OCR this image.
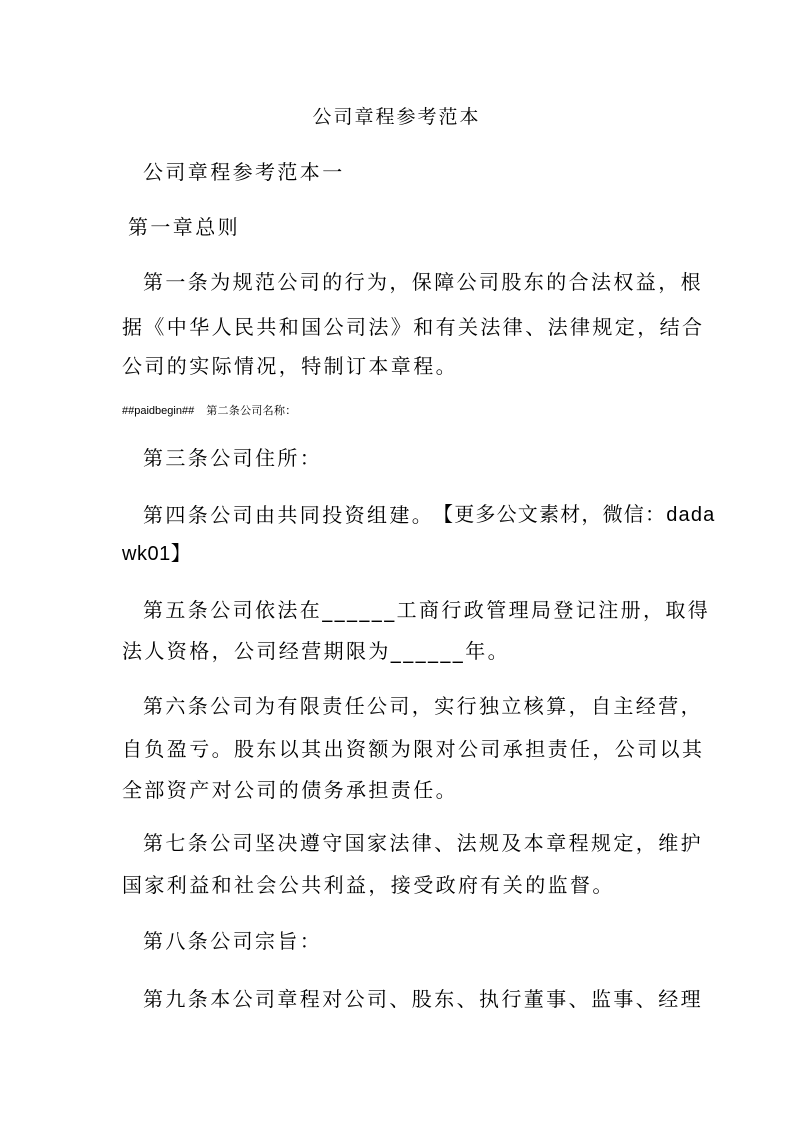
公司章程参考范本
公司章程参考范本一
第一章总则
第一条为规范公司的行为，保障公司股东的合法权益，根
据《中华人民共和国公司法》和有关法律、法律规定，结合
公司的实际情况，特制订本章程。
##paidbegin## 第二条公司名称：
第三条公司住所：
第四条公司由共同投资组建。
【更多公文素材，微信：dada
wk01】
第五条公司依法在______工商行政管理局登记注册，取得
法人资格，公司经营期限为______年。
第六条公司为有限责任公司，实行独立核算，自主经营，
自负盈亏。股东以其出资额为限对公司承担责任，公司以其
全部资产对公司的债务承担责任。
第七条公司坚决遵守国家法律、法规及本章程规定，维护
国家利益和社会公共利益，接受政府有关的监督。
第八条公司宗旨：
第九条本公司章程对公司、股东、执行董事、监事、经理
